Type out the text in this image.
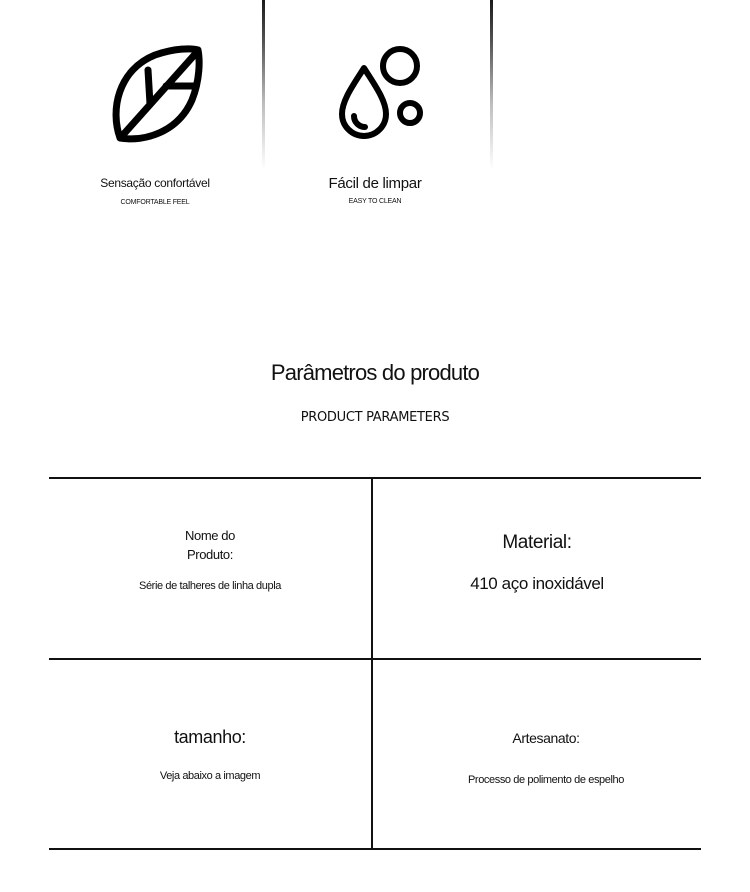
Sensação confortável
COMFORTABLE FEEL
Fácil de limpar
EASY TO CLEAN
Parâmetros do produto
PRODUCT PARAMETERS
Nome do Produto:
Série de talheres de linha dupla
Material:
410 aço inoxidável
tamanho:
Veja abaixo a imagem
Artesanato:
Processo de polimento de espelho
